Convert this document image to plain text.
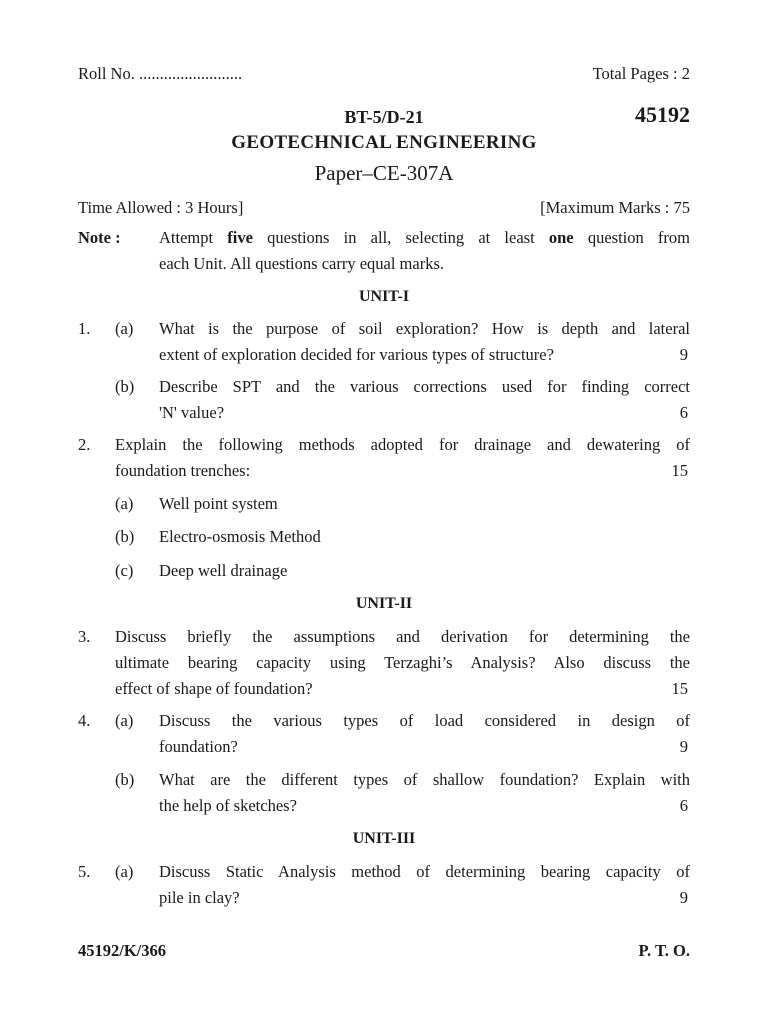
Roll No. .........................	Total Pages : 2
BT-5/D-21	45192
GEOTECHNICAL ENGINEERING
Paper–CE-307A
Time Allowed : 3 Hours]	[Maximum Marks : 75
Note :	Attempt five questions in all, selecting at least one question from
each Unit. All questions carry equal marks.
UNIT-I
1.	(a)	What is the purpose of soil exploration? How is depth and lateral
extent of exploration decided for various types of structure?	9
(b)	Describe SPT and the various corrections used for finding correct
'N' value?	6
2.	Explain the following methods adopted for drainage and dewatering of
foundation trenches:	15
(a)	Well point system
(b)	Electro-osmosis Method
(c)	Deep well drainage
UNIT-II
3.	Discuss briefly the assumptions and derivation for determining the
ultimate bearing capacity using Terzaghi’s Analysis? Also discuss the
effect of shape of foundation?	15
4.	(a)	Discuss the various types of load considered in design of
foundation?	9
(b)	What are the different types of shallow foundation? Explain with
the help of sketches?	6
UNIT-III
5.	(a)	Discuss Static Analysis method of determining bearing capacity of
pile in clay?	9
45192/K/366	P. T. O.
